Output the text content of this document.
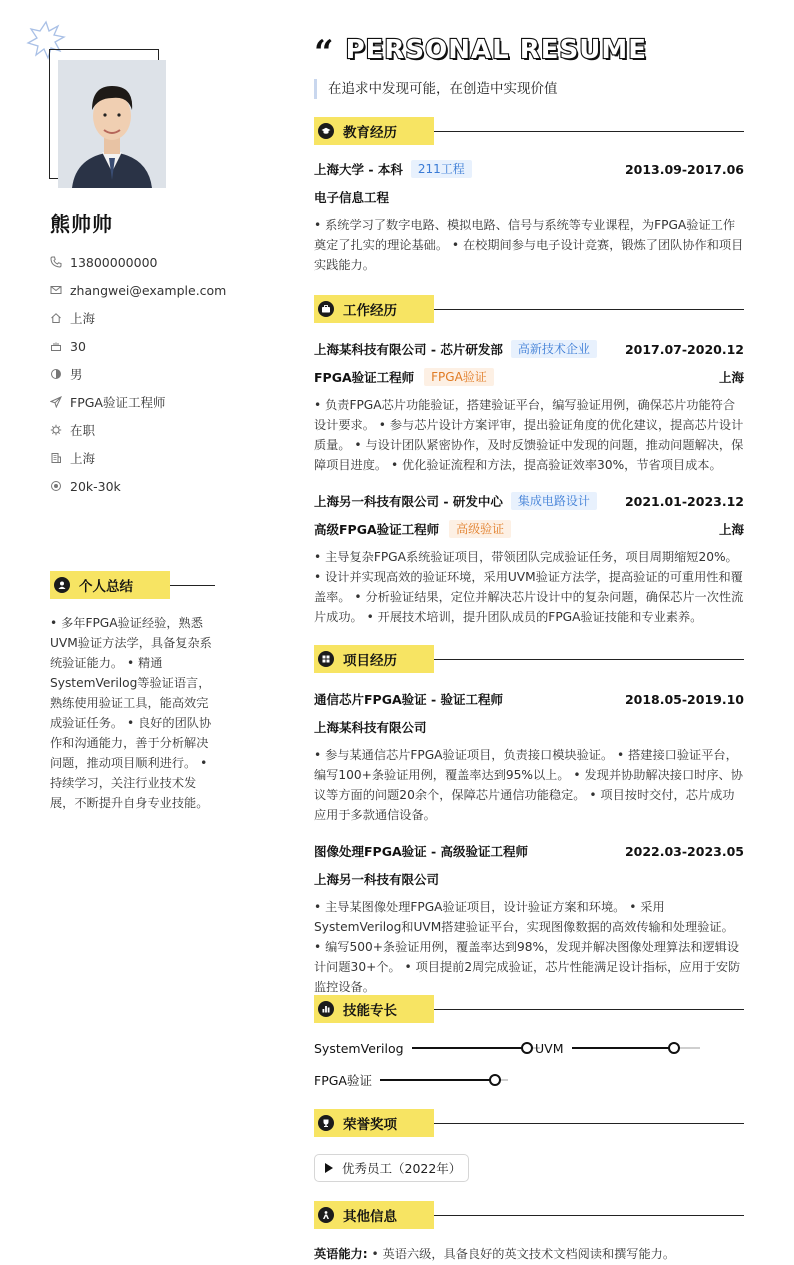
熊帅帅
13800000000
zhangwei@example.com
上海
30
男
FPGA验证工程师
在职
上海
20k-30k
个人总结
• 多年FPGA验证经验，熟悉UVM验证方法学，具备复杂系统验证能力。 • 精通SystemVerilog等验证语言，熟练使用验证工具，能高效完成验证任务。 • 良好的团队协作和沟通能力，善于分析解决问题，推动项目顺利进行。 • 持续学习，关注行业技术发展，不断提升自身专业技能。
“ PERSONAL RESUME
在追求中发现可能，在创造中实现价值
教育经历
上海大学 - 本科	211工程	2013.09-2017.06
电子信息工程
• 系统学习了数字电路、模拟电路、信号与系统等专业课程，为FPGA验证工作奠定了扎实的理论基础。 • 在校期间参与电子设计竞赛，锻炼了团队协作和项目实践能力。
工作经历
上海某科技有限公司 - 芯片研发部	高新技术企业	2017.07-2020.12
FPGA验证工程师	FPGA验证	上海
• 负责FPGA芯片功能验证，搭建验证平台，编写验证用例，确保芯片功能符合设计要求。 • 参与芯片设计方案评审，提出验证角度的优化建议，提高芯片设计质量。 • 与设计团队紧密协作，及时反馈验证中发现的问题，推动问题解决，保障项目进度。 • 优化验证流程和方法，提高验证效率30%，节省项目成本。
上海另一科技有限公司 - 研发中心	集成电路设计	2021.01-2023.12
高级FPGA验证工程师	高级验证	上海
• 主导复杂FPGA系统验证项目，带领团队完成验证任务，项目周期缩短20%。 • 设计并实现高效的验证环境，采用UVM验证方法学，提高验证的可重用性和覆盖率。 • 分析验证结果，定位并解决芯片设计中的复杂问题，确保芯片一次性流片成功。 • 开展技术培训，提升团队成员的FPGA验证技能和专业素养。
项目经历
通信芯片FPGA验证 - 验证工程师	2018.05-2019.10
上海某科技有限公司
• 参与某通信芯片FPGA验证项目，负责接口模块验证。 • 搭建接口验证平台，编写100+条验证用例，覆盖率达到95%以上。 • 发现并协助解决接口时序、协议等方面的问题20余个，保障芯片通信功能稳定。 • 项目按时交付，芯片成功应用于多款通信设备。
图像处理FPGA验证 - 高级验证工程师	2022.03-2023.05
上海另一科技有限公司
• 主导某图像处理FPGA验证项目，设计验证方案和环境。 • 采用SystemVerilog和UVM搭建验证平台，实现图像数据的高效传输和处理验证。 • 编写500+条验证用例，覆盖率达到98%，发现并解决图像处理算法和逻辑设计问题30+个。 • 项目提前2周完成验证，芯片性能满足设计指标，应用于安防监控设备。
技能专长
SystemVerilog	UVM
FPGA验证
荣誉奖项
优秀员工（2022年）
其他信息
英语能力: • 英语六级，具备良好的英文技术文档阅读和撰写能力。
